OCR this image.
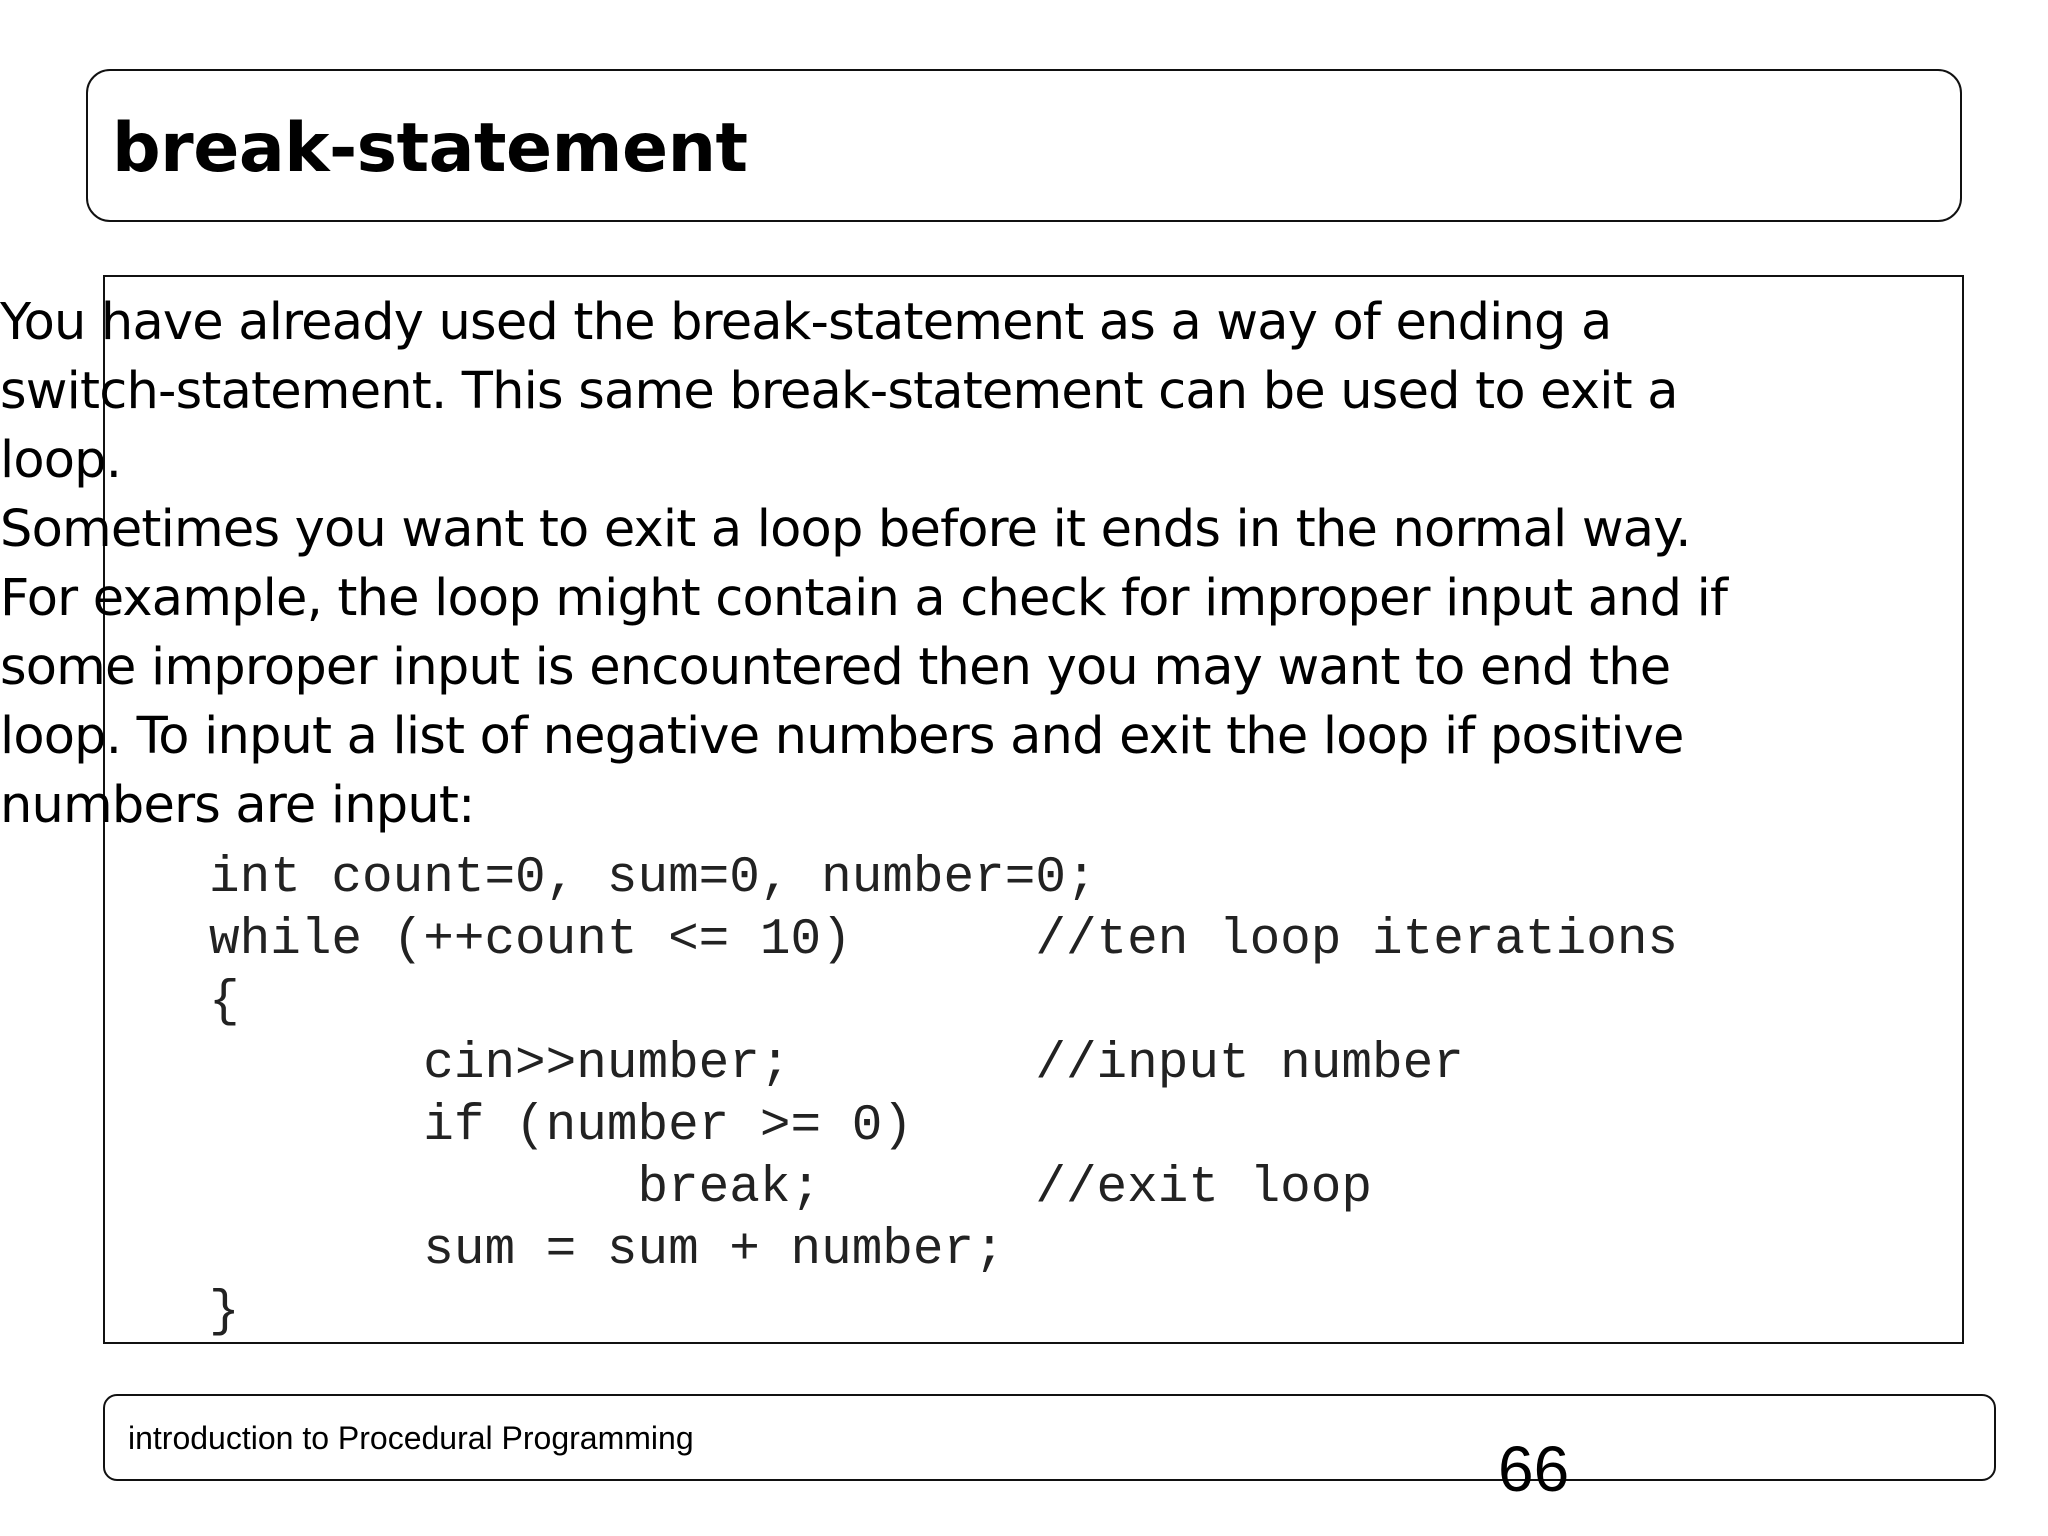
break-statement
You have already used the break-statement as a way of ending a
switch-statement. This same break-statement can be used to exit a
loop.
Sometimes you want to exit a loop before it ends in the normal way.
For example, the loop might contain a check for improper input and if
some improper input is encountered then you may want to end the
loop. To input a list of negative numbers and exit the loop if positive
numbers are input:
int count=0, sum=0, number=0;
while (++count <= 10)      //ten loop iterations
{
cin>>number;        //input number
if (number >= 0)
break;       //exit loop
sum = sum + number;
}
introduction to Procedural Programming	66
